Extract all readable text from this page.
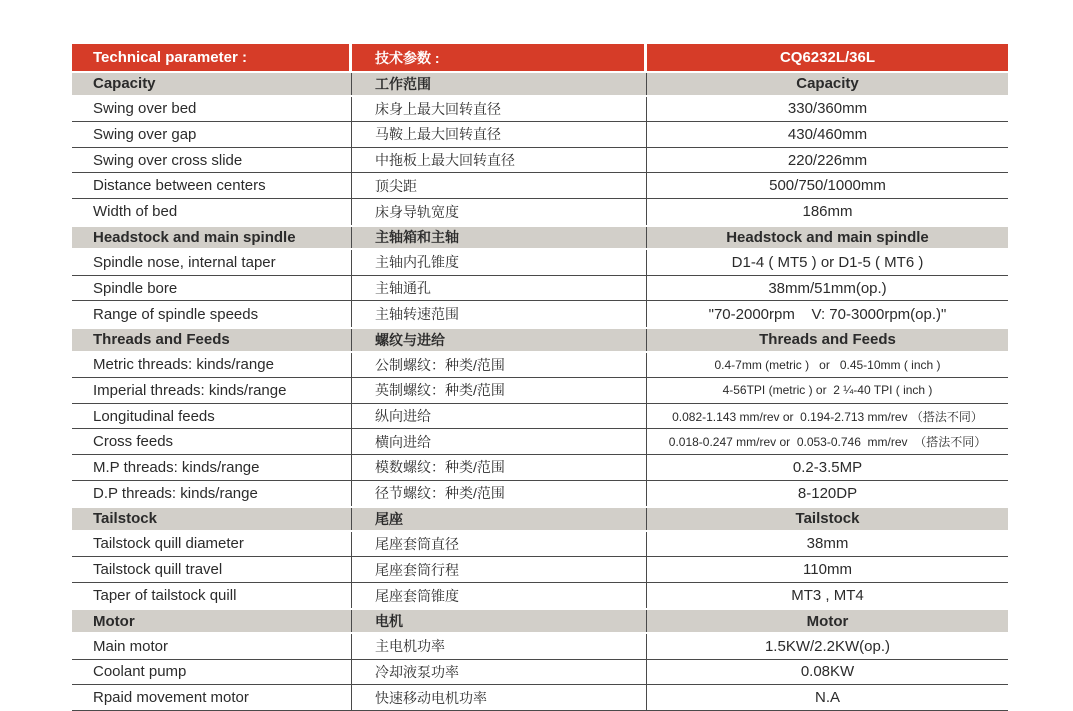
Technical parameter :	技术参数 :	CQ6232L/36L
Capacity	工作范围	Capacity
Swing over bed	床身上最大回转直径	330/360mm
Swing over gap	马鞍上最大回转直径	430/460mm
Swing over cross slide	中拖板上最大回转直径	220/226mm
Distance between centers	顶尖距	500/750/1000mm
Width of bed	床身导轨宽度	186mm
Headstock and main spindle	主轴箱和主轴	Headstock and main spindle
Spindle nose, internal taper	主轴内孔锥度	D1-4 ( MT5 ) or D1-5 ( MT6 )
Spindle bore	主轴通孔	38mm/51mm(op.)
Range of spindle speeds	主轴转速范围	"70-2000rpm    V: 70-3000rpm(op.)"
Threads and Feeds	螺纹与进给	Threads and Feeds
Metric threads: kinds/range	公制螺纹：种类/范围	0.4-7mm (metric )   or   0.45-10mm ( inch )
Imperial threads: kinds/range	英制螺纹：种类/范围	4-56TPI (metric ) or  2 ¼-40 TPI ( inch )
Longitudinal feeds	纵向进给	0.082-1.143 mm/rev or  0.194-2.713 mm/rev （搭法不同）
Cross feeds	横向进给	0.018-0.247 mm/rev or  0.053-0.746  mm/rev  （搭法不同）
M.P threads: kinds/range	模数螺纹：种类/范围	0.2-3.5MP
D.P threads: kinds/range	径节螺纹：种类/范围	8-120DP
Tailstock	尾座	Tailstock
Tailstock quill diameter	尾座套筒直径	38mm
Tailstock quill travel	尾座套筒行程	110mm
Taper of tailstock quill	尾座套筒锥度	MT3 , MT4
Motor	电机	Motor
Main motor	主电机功率	1.5KW/2.2KW(op.)
Coolant pump	冷却液泵功率	0.08KW
Rpaid movement motor	快速移动电机功率	N.A
